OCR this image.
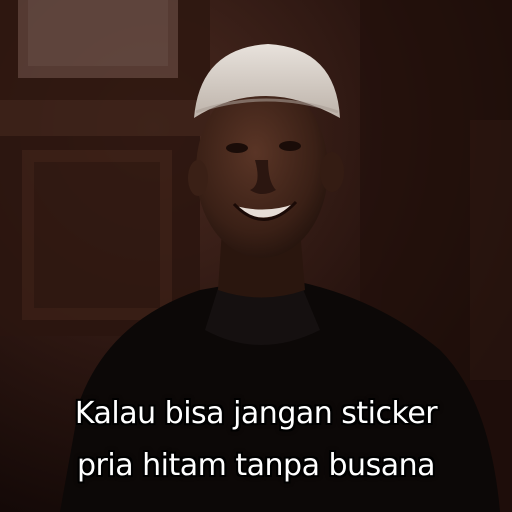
Kalau bisa jangan sticker
pria hitam tanpa busana
